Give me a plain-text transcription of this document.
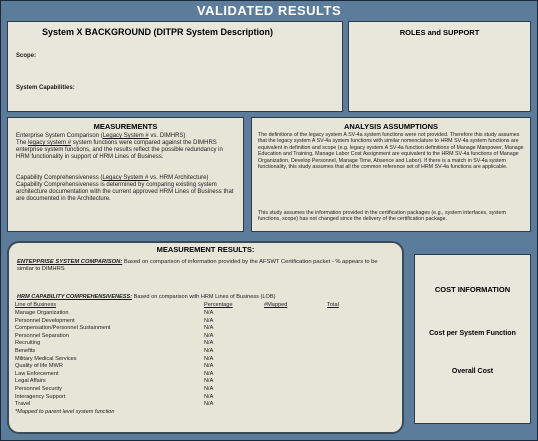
VALIDATED RESULTS
System X BACKGROUND (DITPR System Description)
Scope:
System Capabilities:
ROLES and SUPPORT
MEASUREMENTS
Enterprise System Comparison (Legacy System # vs. DIMHRS)
The legacy system # system functions were compared against the DIMHRS enterprise system functions, and the results reflect the possible redundancy in HRM functionality in support of HRM Lines of Business.
Capability Comprehensiveness (Legacy System # vs. HRM Architecture)
Capability Comprehensiveness is determined by comparing existing system architecture documentation with the current approved HRM Lines of Business that are documented in the Architecture.
ANALYSIS ASSUMPTIONS
The definitions of the legacy system A SV-4a system functions were not provided. Therefore this study assumes that the legacy system A SV-4a system functions with similar nomenclature to HRM SV-4a system functions are equivalent in definition and scope (e.g. legacy system A SV-4a function definitions of Manage Manpower, Manage Education and Training, Manage Labor Cost Assignment are equivalent to the HRM SV-4a functions of Manage Organization, Develop Personnel, Manage Time, Absence and Labor). If there is a match in SV-4a system functionality, this study assumes that all the common reference set of HRM SV-4a functions are applicable.
This study assumes the information provided in the certification packages (e.g., system interfaces, system functions, scope) has not changed since the delivery of the certification package.
MEASUREMENT RESULTS:
ENTEPPRISE SYSTEM COMPARISON: Based on comparison of information provided by the AFSWT Certification packet - % appears to be similar to DIMHRS
HRM CAPABILITY COMPREHENSIVENESS: Based on comparison with HRM Lines of Business (LOB)
Line of Business	Percentage	#Mapped	Total
Manage Organization	N/A
Personnel Development	N/A
Compensation/Personnel Sustainment	N/A
Personnel Separation	N/A
Recruiting	N/A
Benefits	N/A
Military Medical Services	N/A
Quality of life MWR	N/A
Law Enforcement	N/A
Legal Affairs	N/A
Personnel Security	N/A
Interagency Support	N/A
Travel	N/A
*Mapped to parent level system function
COST INFORMATION
Cost per System Function
Overall Cost
